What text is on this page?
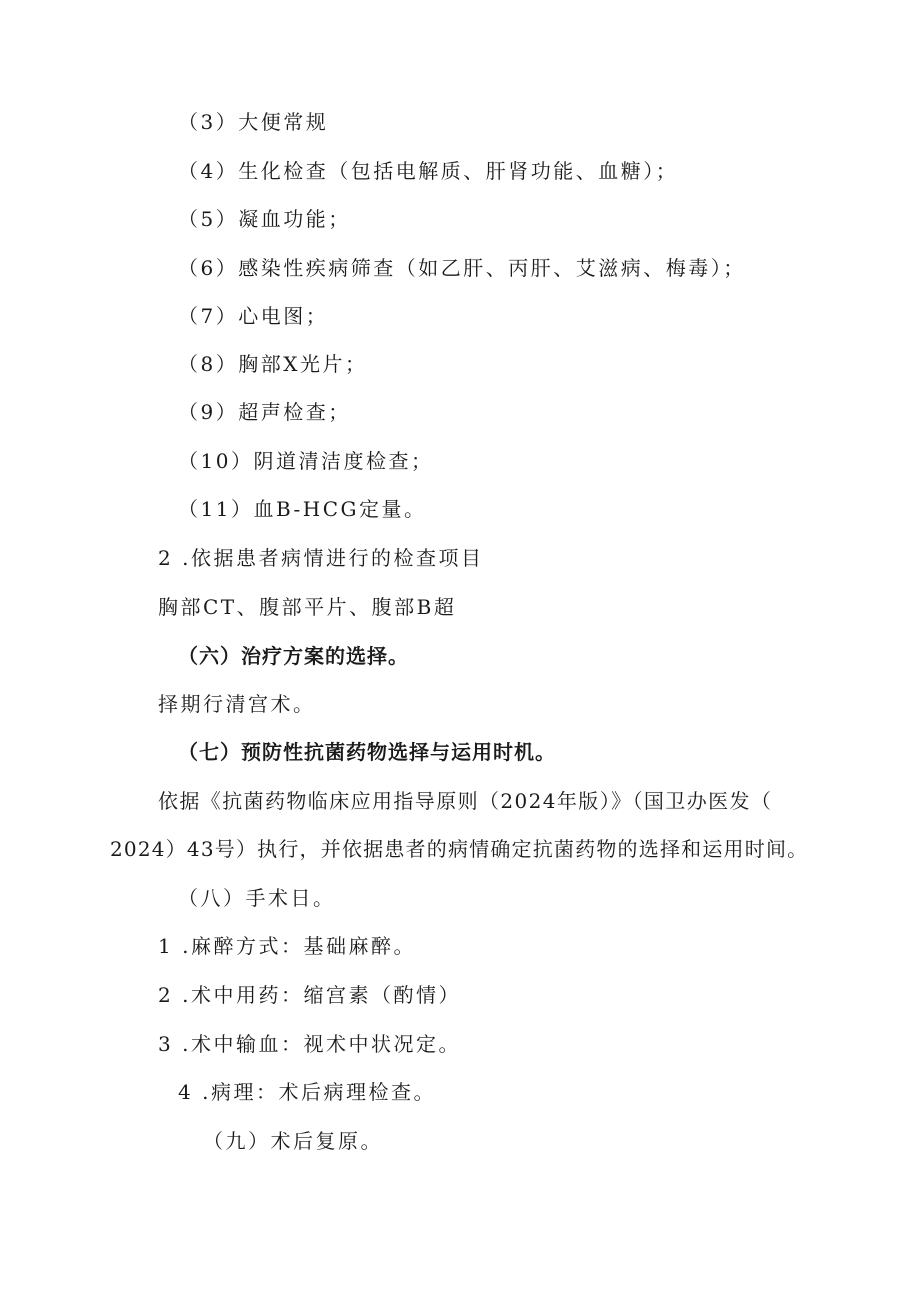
（3）大便常规
（4）生化检查（包括电解质、肝肾功能、血糖）；
（5）凝血功能；
（6）感染性疾病筛查（如乙肝、丙肝、艾滋病、梅毒）；
（7）心电图；
（8）胸部X光片；
（9）超声检查；
（10）阴道清洁度检查；
（11）血B-HCG定量。
2 .依据患者病情进行的检查项目
胸部CT、腹部平片、腹部B超
（六）治疗方案的选择。
择期行清宫术。
（七）预防性抗菌药物选择与运用时机。
依据《抗菌药物临床应用指导原则（2024年版）》（国卫办医发（
2024）43号）执行，并依据患者的病情确定抗菌药物的选择和运用时间。
（八）手术日。
1 .麻醉方式：基础麻醉。
2 .术中用药：缩宫素（酌情）
3 .术中输血：视术中状况定。
4 .病理：术后病理检查。
（九）术后复原。
